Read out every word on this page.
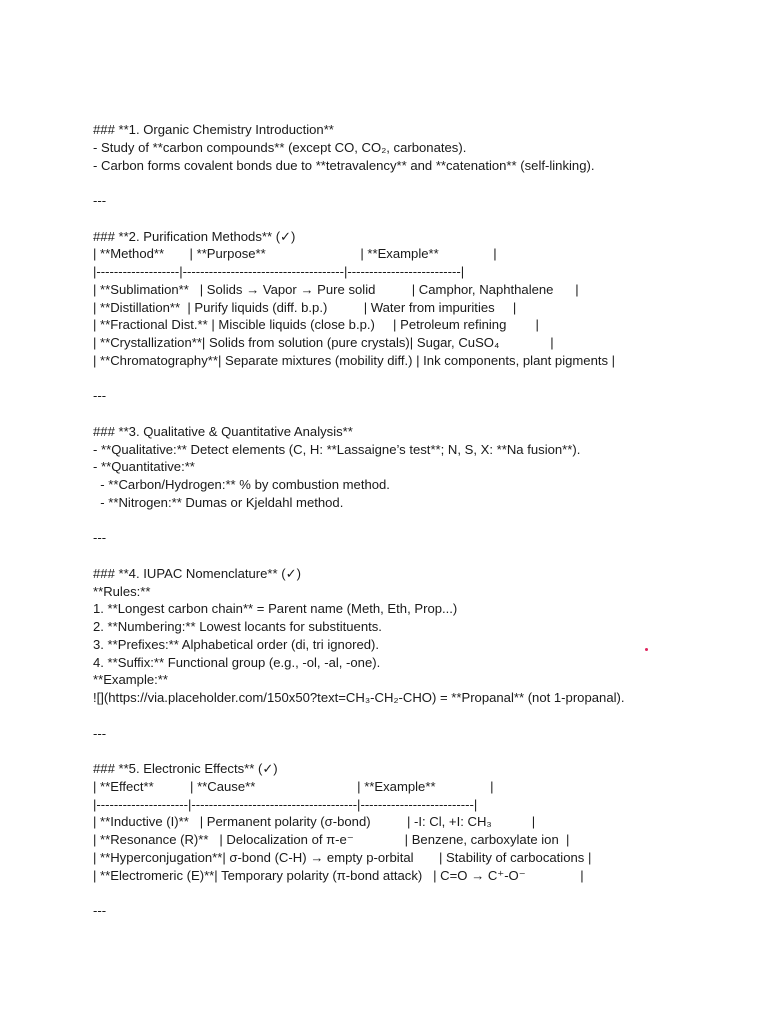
### **1. Organic Chemistry Introduction**
- Study of **carbon compounds** (except CO, CO₂, carbonates).
- Carbon forms covalent bonds due to **tetravalency** and **catenation** (self-linking).
---
### **2. Purification Methods** (✓)
| **Method**       | **Purpose**                          | **Example**               |
|-------------------|-------------------------------------|--------------------------|
| **Sublimation**   | Solids → Vapor → Pure solid          | Camphor, Naphthalene      |
| **Distillation**  | Purify liquids (diff. b.p.)          | Water from impurities     |
| **Fractional Dist.** | Miscible liquids (close b.p.)     | Petroleum refining        |
| **Crystallization**| Solids from solution (pure crystals)| Sugar, CuSO₄              |
| **Chromatography**| Separate mixtures (mobility diff.) | Ink components, plant pigments |
---
### **3. Qualitative & Quantitative Analysis**
- **Qualitative:** Detect elements (C, H: **Lassaigne’s test**; N, S, X: **Na fusion**).
- **Quantitative:**
- **Carbon/Hydrogen:** % by combustion method.
- **Nitrogen:** Dumas or Kjeldahl method.
---
### **4. IUPAC Nomenclature** (✓)
**Rules:**
1. **Longest carbon chain** = Parent name (Meth, Eth, Prop...)
2. **Numbering:** Lowest locants for substituents.
3. **Prefixes:** Alphabetical order (di, tri ignored).
4. **Suffix:** Functional group (e.g., -ol, -al, -one).
**Example:**
![](https://via.placeholder.com/150x50?text=CH₃-CH₂-CHO) = **Propanal** (not 1-propanal).
---
### **5. Electronic Effects** (✓)
| **Effect**          | **Cause**                            | **Example**               |
|---------------------|--------------------------------------|--------------------------|
| **Inductive (I)**   | Permanent polarity (σ-bond)          | -I: Cl, +I: CH₃           |
| **Resonance (R)**   | Delocalization of π-e⁻              | Benzene, carboxylate ion  |
| **Hyperconjugation**| σ-bond (C-H) → empty p-orbital       | Stability of carbocations |
| **Electromeric (E)**| Temporary polarity (π-bond attack)   | C=O → C⁺-O⁻               |
---
